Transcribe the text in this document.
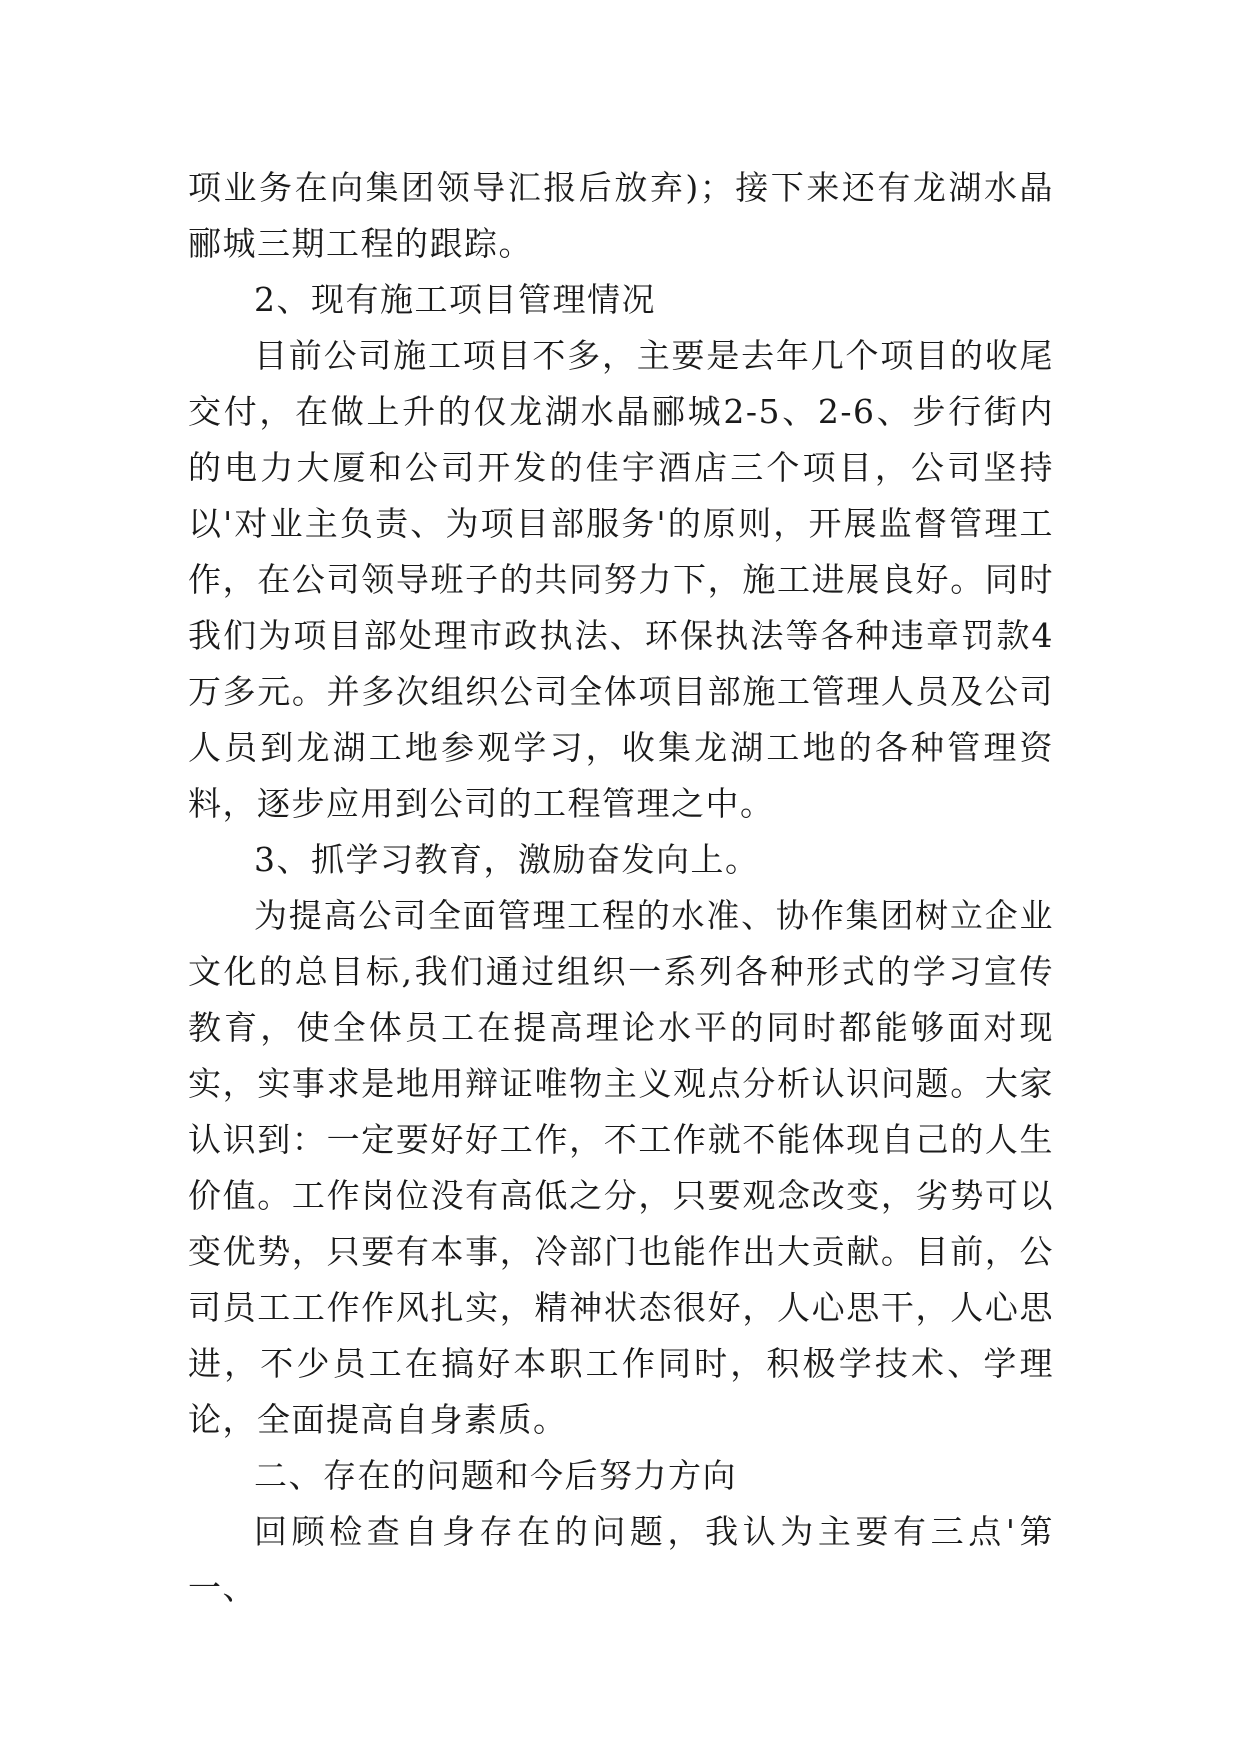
项业务在向集团领导汇报后放弃)；接下来还有龙湖水晶郦城三期工程的跟踪。

2、现有施工项目管理情况

目前公司施工项目不多，主要是去年几个项目的收尾交付，在做上升的仅龙湖水晶郦城2-5、2-6、步行街内的电力大厦和公司开发的佳宇酒店三个项目，公司坚持以'对业主负责、为项目部服务'的原则，开展监督管理工作，在公司领导班子的共同努力下，施工进展良好。同时我们为项目部处理市政执法、环保执法等各种违章罚款4万多元。并多次组织公司全体项目部施工管理人员及公司人员到龙湖工地参观学习，收集龙湖工地的各种管理资料，逐步应用到公司的工程管理之中。

3、抓学习教育，激励奋发向上。

为提高公司全面管理工程的水准、协作集团树立企业文化的总目标,我们通过组织一系列各种形式的学习宣传教育，使全体员工在提高理论水平的同时都能够面对现实，实事求是地用辩证唯物主义观点分析认识问题。大家认识到：一定要好好工作，不工作就不能体现自己的人生价值。工作岗位没有高低之分，只要观念改变，劣势可以变优势，只要有本事，冷部门也能作出大贡献。目前，公司员工工作作风扎实，精神状态很好，人心思干，人心思进，不少员工在搞好本职工作同时，积极学技术、学理论，全面提高自身素质。

二、存在的问题和今后努力方向

回顾检查自身存在的问题，我认为主要有三点'第一、
